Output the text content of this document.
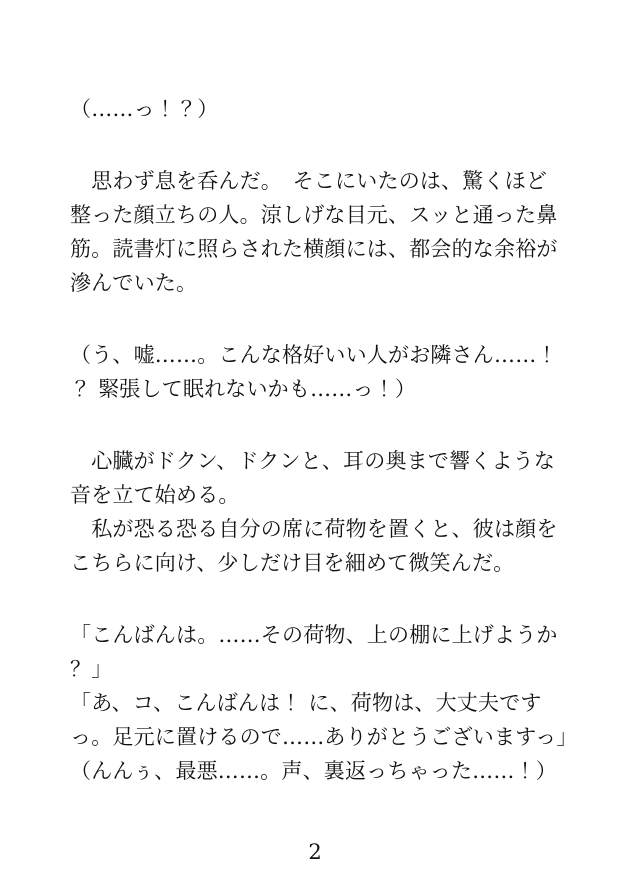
（……っ！？）
　思わず息を呑んだ。　そこにいたのは、驚くほど
整った顔立ちの人。涼しげな目元、スッと通った鼻
筋。読書灯に照らされた横顔には、都会的な余裕が
滲んでいた。
（う、嘘……。こんな格好いい人がお隣さん……！
？ 緊張して眠れないかも……っ！）
　心臓がドクン、ドクンと、耳の奥まで響くような
音を立て始める。
　私が恐る恐る自分の席に荷物を置くと、彼は顔を
こちらに向け、少しだけ目を細めて微笑んだ。
「こんばんは。……その荷物、上の棚に上げようか
？」
「あ、コ、こんばんは！ に、荷物は、大丈夫です
っ。足元に置けるので……ありがとうございますっ」
（んんぅ、最悪……。声、裏返っちゃった……！）
2
